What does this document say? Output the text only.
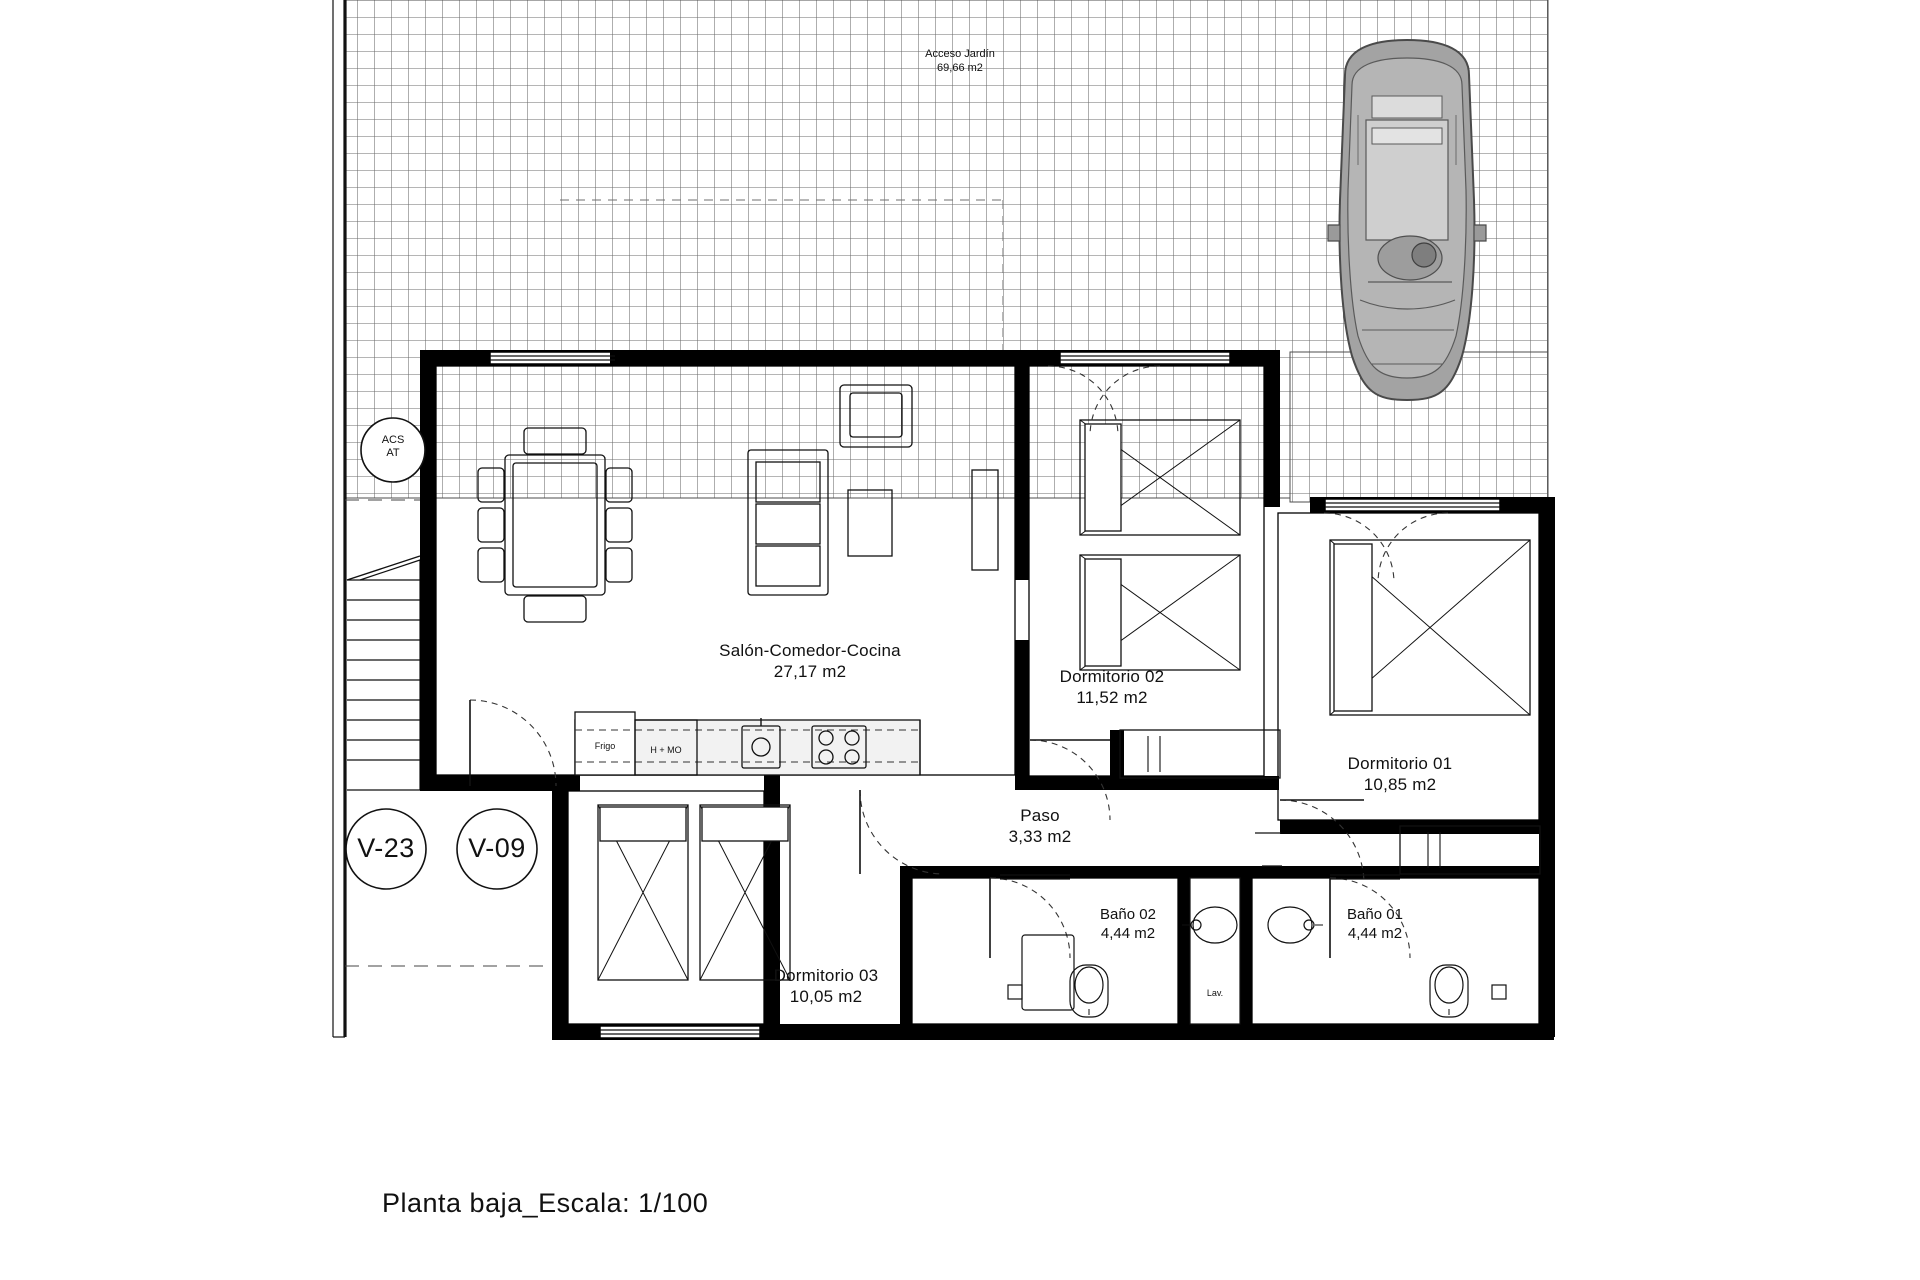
Acceso Jardín
69,66 m2
Salón-Comedor-Cocina
27,17 m2	Dormitorio 02
11,52 m2
Dormitorio 01
10,85 m2
Dormitorio 03
10,05 m2
Paso
3,33 m2
Baño 02
4,44 m2
Baño 01
4,44 m2
Frigo	H + MO
Lav.
ACS
AT
V-23	V-09
Planta baja_Escala: 1/100
